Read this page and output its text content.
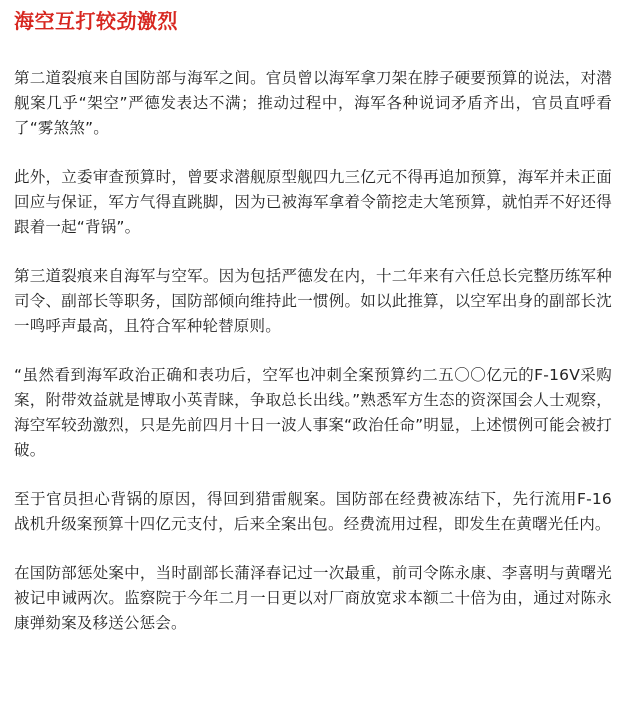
海空互打较劲激烈

第二道裂痕来自国防部与海军之间。官员曾以海军拿刀架在脖子硬要预算的说法，对潜舰案几乎“架空”严德发表达不满；推动过程中，海军各种说词矛盾齐出，官员直呼看了“雾煞煞”。

此外，立委审查预算时，曾要求潜舰原型舰四九三亿元不得再追加预算，海军并未正面回应与保证，军方气得直跳脚，因为已被海军拿着令箭挖走大笔预算，就怕弄不好还得跟着一起“背锅”。

第三道裂痕来自海军与空军。因为包括严德发在内，十二年来有六任总长完整历练军种司令、副部长等职务，国防部倾向维持此一惯例。如以此推算，以空军出身的副部长沈一鸣呼声最高，且符合军种轮替原则。

“虽然看到海军政治正确和表功后，空军也冲刺全案预算约二五〇〇亿元的F-16V采购案，附带效益就是博取小英青睐，争取总长出线。”熟悉军方生态的资深国会人士观察，海空军较劲激烈，只是先前四月十日一波人事案“政治任命”明显，上述惯例可能会被打破。

至于官员担心背锅的原因，得回到猎雷舰案。国防部在经费被冻结下，先行流用F-16战机升级案预算十四亿元支付，后来全案出包。经费流用过程，即发生在黄曙光任内。

在国防部惩处案中，当时副部长蒲泽春记过一次最重，前司令陈永康、李喜明与黄曙光被记申诫两次。监察院于今年二月一日更以对厂商放宽求本额二十倍为由，通过对陈永康弹劾案及移送公惩会。
